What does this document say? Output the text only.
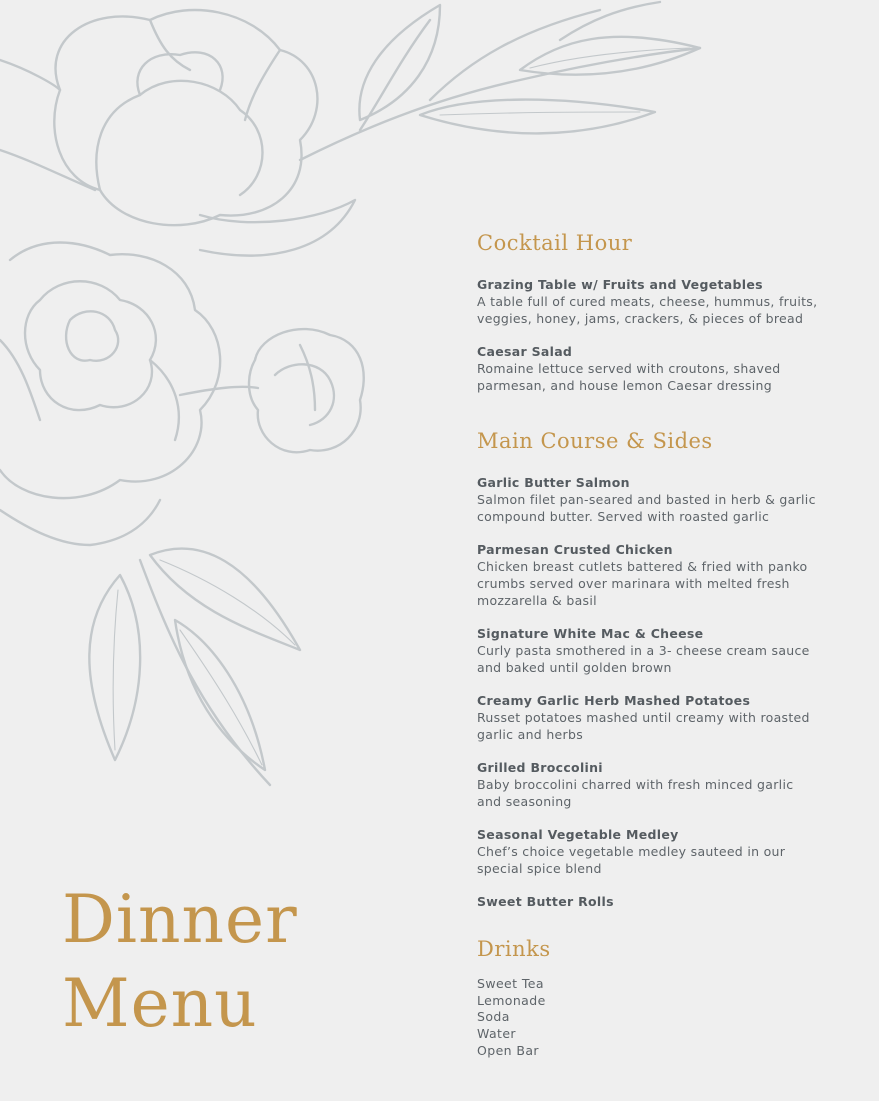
Dinner
Menu
Cocktail Hour
Grazing Table w/ Fruits and Vegetables
A table full of cured meats, cheese, hummus, fruits, veggies, honey, jams, crackers, & pieces of bread
Caesar Salad
Romaine lettuce served with croutons, shaved parmesan, and house lemon Caesar dressing
Main Course & Sides
Garlic Butter Salmon
Salmon filet pan-seared and basted in herb & garlic compound butter. Served with roasted garlic
Parmesan Crusted Chicken
Chicken breast cutlets battered & fried with panko crumbs served over marinara with melted fresh mozzarella & basil
Signature White Mac & Cheese
Curly pasta smothered in a 3- cheese cream sauce and baked until golden brown
Creamy Garlic Herb Mashed Potatoes
Russet potatoes mashed until creamy with roasted garlic and herbs
Grilled Broccolini
Baby broccolini charred with fresh minced garlic and seasoning
Seasonal Vegetable Medley
Chef’s choice vegetable medley sauteed in our special spice blend
Sweet Butter Rolls
Drinks
Sweet Tea
Lemonade
Soda
Water
Open Bar
